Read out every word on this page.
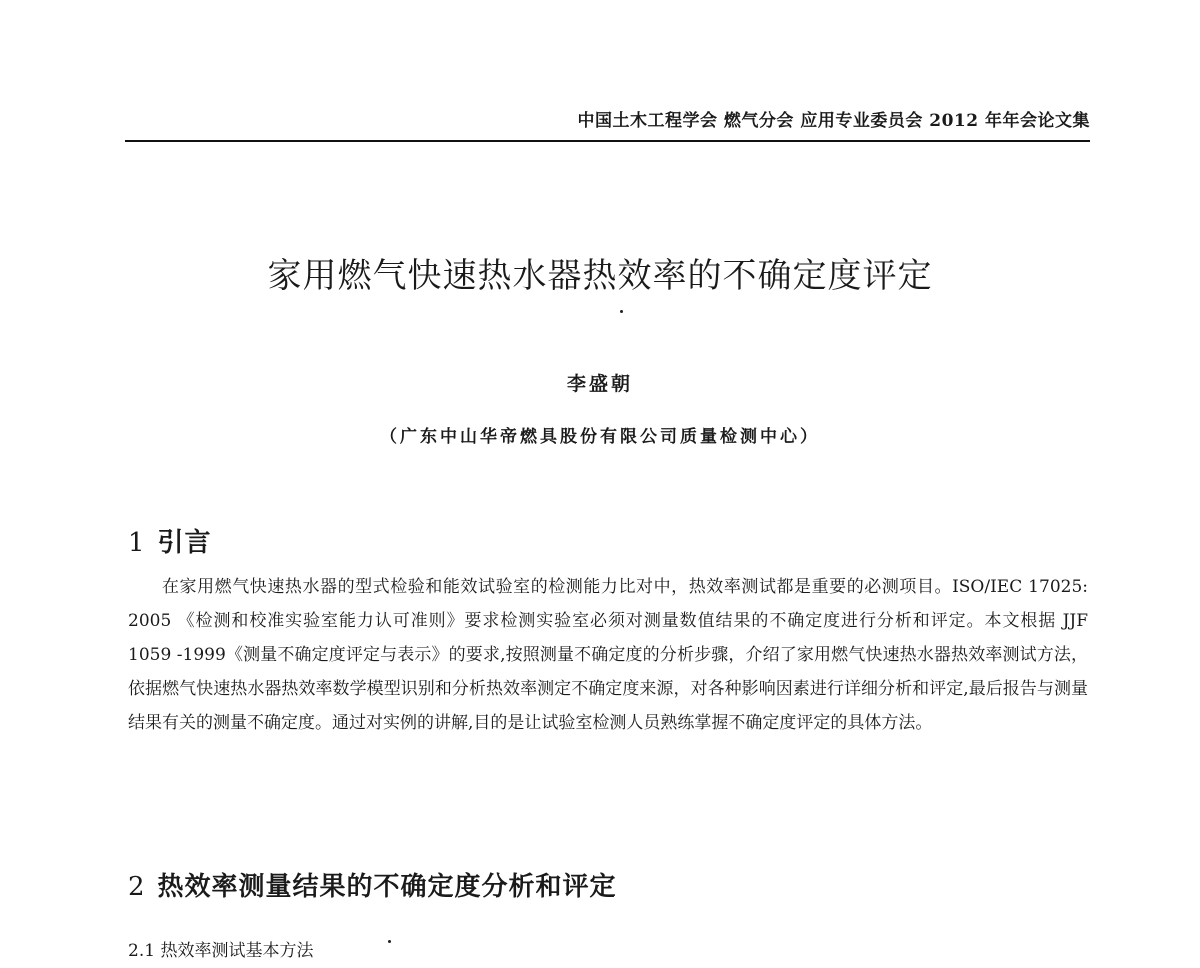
中国土木工程学会 燃气分会 应用专业委员会 2012 年年会论文集
家用燃气快速热水器热效率的不确定度评定
李盛朝
（广东中山华帝燃具股份有限公司质量检测中心）
1 引言

在家用燃气快速热水器的型式检验和能效试验室的检测能力比对中，热效率测试都是重要的必测项目。ISO/IEC 17025: 2005 《检测和校准实验室能力认可准则》要求检测实验室必须对测量数值结果的不确定度进行分析和评定。本文根据 JJF 1059 -1999《测量不确定度评定与表示》的要求,按照测量不确定度的分析步骤，介绍了家用燃气快速热水器热效率测试方法，依据燃气快速热水器热效率数学模型识别和分析热效率测定不确定度来源，对各种影响因素进行详细分析和评定,最后报告与测量结果有关的测量不确定度。通过对实例的讲解,目的是让试验室检测人员熟练掌握不确定度评定的具体方法。

2 热效率测量结果的不确定度分析和评定
2.1 热效率测试基本方法
